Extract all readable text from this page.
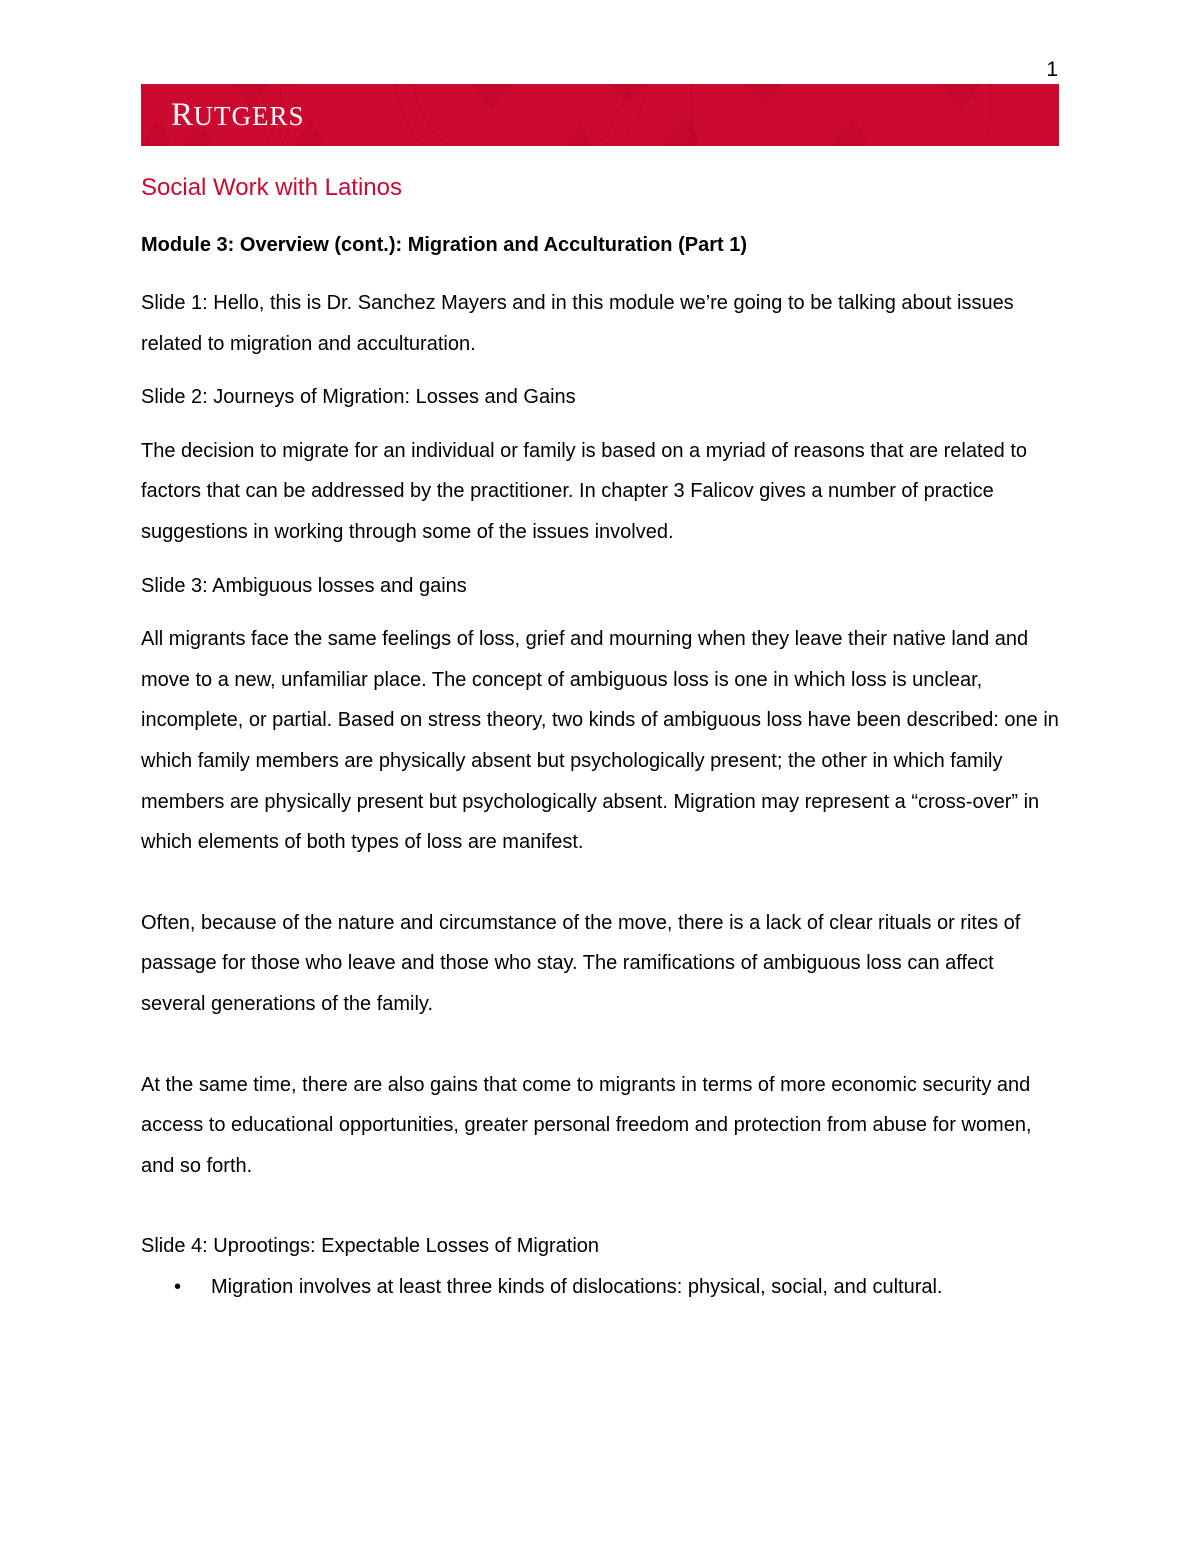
1
RUTGERS
Social Work with Latinos
Module 3: Overview (cont.): Migration and Acculturation (Part 1)

Slide 1: Hello, this is Dr. Sanchez Mayers and in this module we’re going to be talking about issues related to migration and acculturation.

Slide 2: Journeys of Migration: Losses and Gains

The decision to migrate for an individual or family is based on a myriad of reasons that are related to factors that can be addressed by the practitioner. In chapter 3 Falicov gives a number of practice suggestions in working through some of the issues involved.

Slide 3: Ambiguous losses and gains

All migrants face the same feelings of loss, grief and mourning when they leave their native land and move to a new, unfamiliar place. The concept of ambiguous loss is one in which loss is unclear, incomplete, or partial. Based on stress theory, two kinds of ambiguous loss have been described: one in which family members are physically absent but psychologically present; the other in which family members are physically present but psychologically absent. Migration may represent a “cross-over” in which elements of both types of loss are manifest.

Often, because of the nature and circumstance of the move, there is a lack of clear rituals or rites of passage for those who leave and those who stay. The ramifications of ambiguous loss can affect several generations of the family.

At the same time, there are also gains that come to migrants in terms of more economic security and access to educational opportunities, greater personal freedom and protection from abuse for women, and so forth.

Slide 4: Uprootings: Expectable Losses of Migration

• Migration involves at least three kinds of dislocations: physical, social, and cultural.
